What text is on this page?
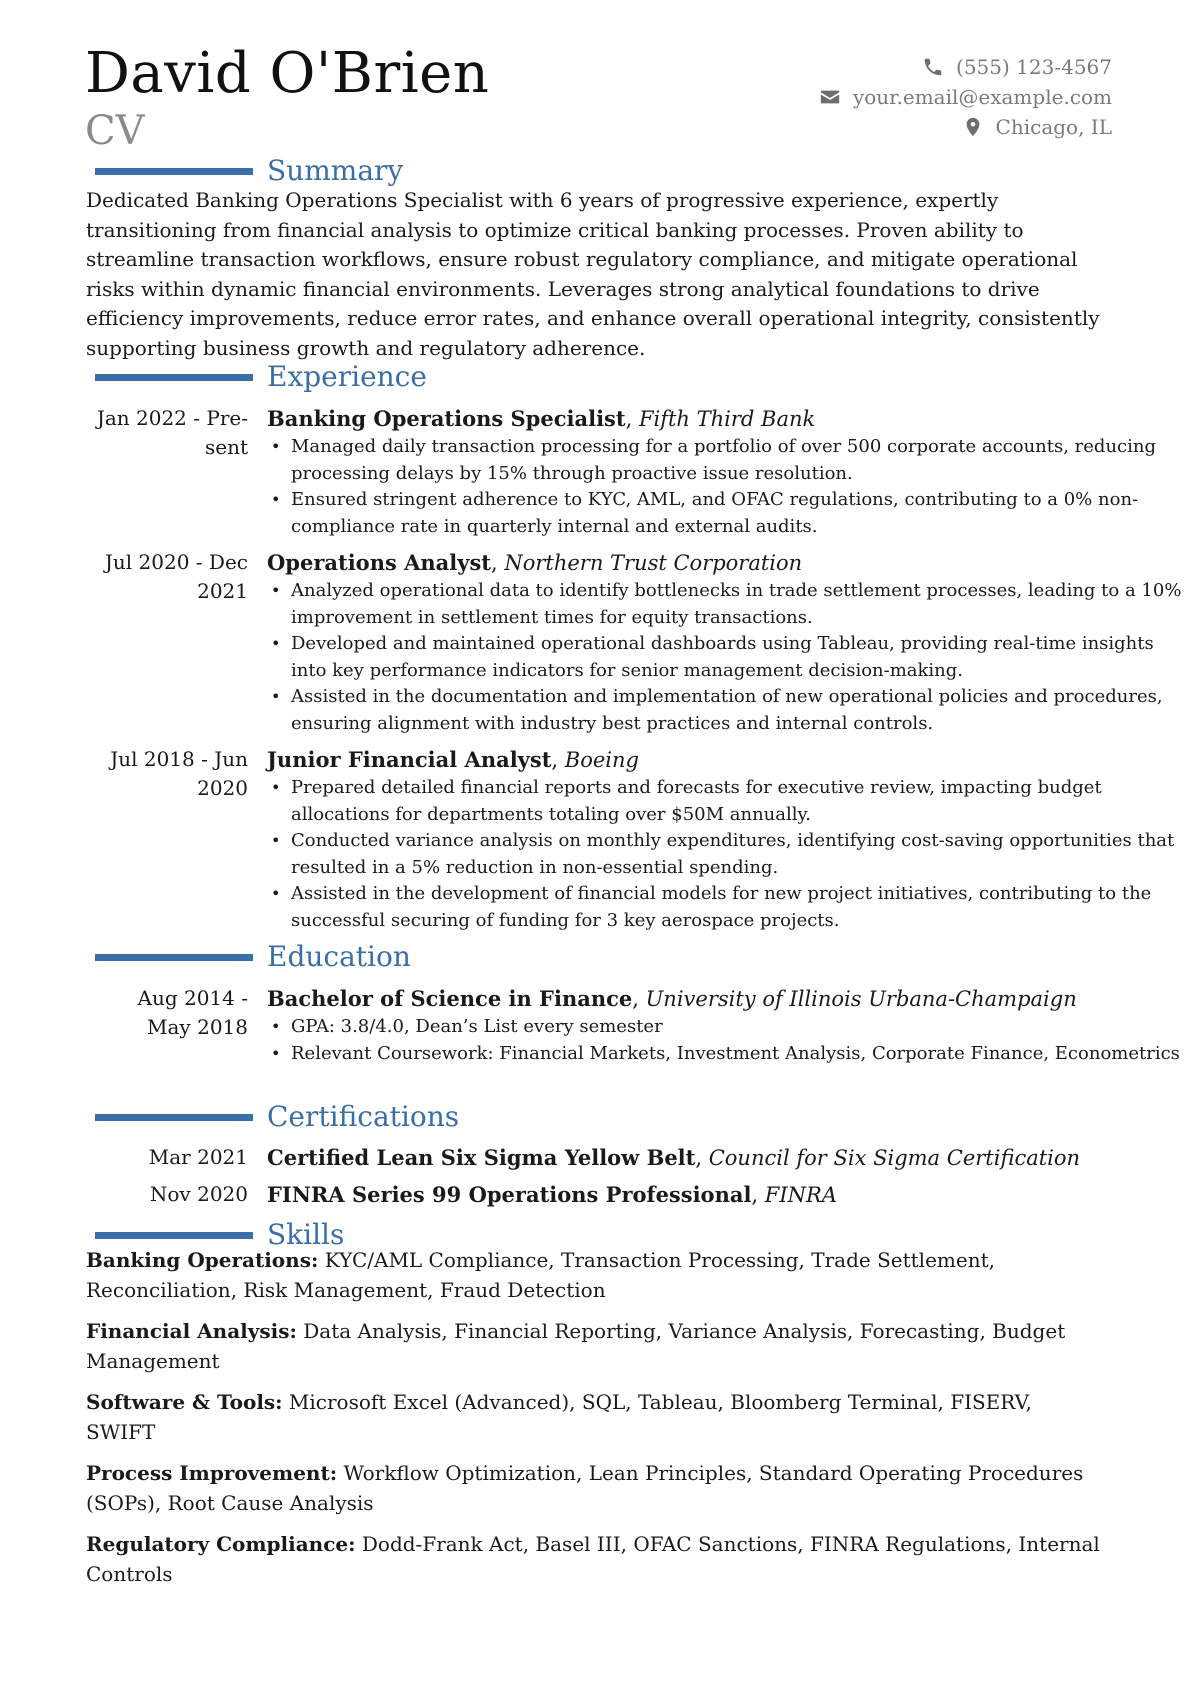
David O'Brien
CV
(555) 123-4567
your.email@example.com
Chicago, IL
Summary

Dedicated Banking Operations Specialist with 6 years of progressive experience, expertly transitioning from financial analysis to optimize critical banking processes. Proven ability to streamline transaction workflows, ensure robust regulatory compliance, and mitigate operational risks within dynamic financial environments. Leverages strong analytical foundations to drive efficiency improvements, reduce error rates, and enhance overall operational integrity, consistently supporting business growth and regulatory adherence.

Experience
Jan 2022 - Pre-
sent
Banking Operations Specialist, Fifth Third Bank
• Managed daily transaction processing for a portfolio of over 500 corporate accounts, reducing processing delays by 15% through proactive issue resolution.
• Ensured stringent adherence to KYC, AML, and OFAC regulations, contributing to a 0% non-compliance rate in quarterly internal and external audits.
Jul 2020 - Dec
2021
Operations Analyst, Northern Trust Corporation
• Analyzed operational data to identify bottlenecks in trade settlement processes, leading to a 10% improvement in settlement times for equity transactions.
• Developed and maintained operational dashboards using Tableau, providing real-time insights into key performance indicators for senior management decision-making.
• Assisted in the documentation and implementation of new operational policies and procedures, ensuring alignment with industry best practices and internal controls.
Jul 2018 - Jun
2020
Junior Financial Analyst, Boeing
• Prepared detailed financial reports and forecasts for executive review, impacting budget allocations for departments totaling over $50M annually.
• Conducted variance analysis on monthly expenditures, identifying cost-saving opportunities that resulted in a 5% reduction in non-essential spending.
• Assisted in the development of financial models for new project initiatives, contributing to the successful securing of funding for 3 key aerospace projects.
Education
Aug 2014 -
May 2018
Bachelor of Science in Finance, University of Illinois Urbana-Champaign
• GPA: 3.8/4.0, Dean’s List every semester
• Relevant Coursework: Financial Markets, Investment Analysis, Corporate Finance, Econometrics
Certifications
Mar 2021 Certified Lean Six Sigma Yellow Belt, Council for Six Sigma Certification
Nov 2020 FINRA Series 99 Operations Professional, FINRA
Skills

Banking Operations: KYC/AML Compliance, Transaction Processing, Trade Settlement, Reconciliation, Risk Management, Fraud Detection

Financial Analysis: Data Analysis, Financial Reporting, Variance Analysis, Forecasting, Budget Management

Software & Tools: Microsoft Excel (Advanced), SQL, Tableau, Bloomberg Terminal, FISERV, SWIFT

Process Improvement: Workflow Optimization, Lean Principles, Standard Operating Procedures (SOPs), Root Cause Analysis

Regulatory Compliance: Dodd-Frank Act, Basel III, OFAC Sanctions, FINRA Regulations, Internal Controls
